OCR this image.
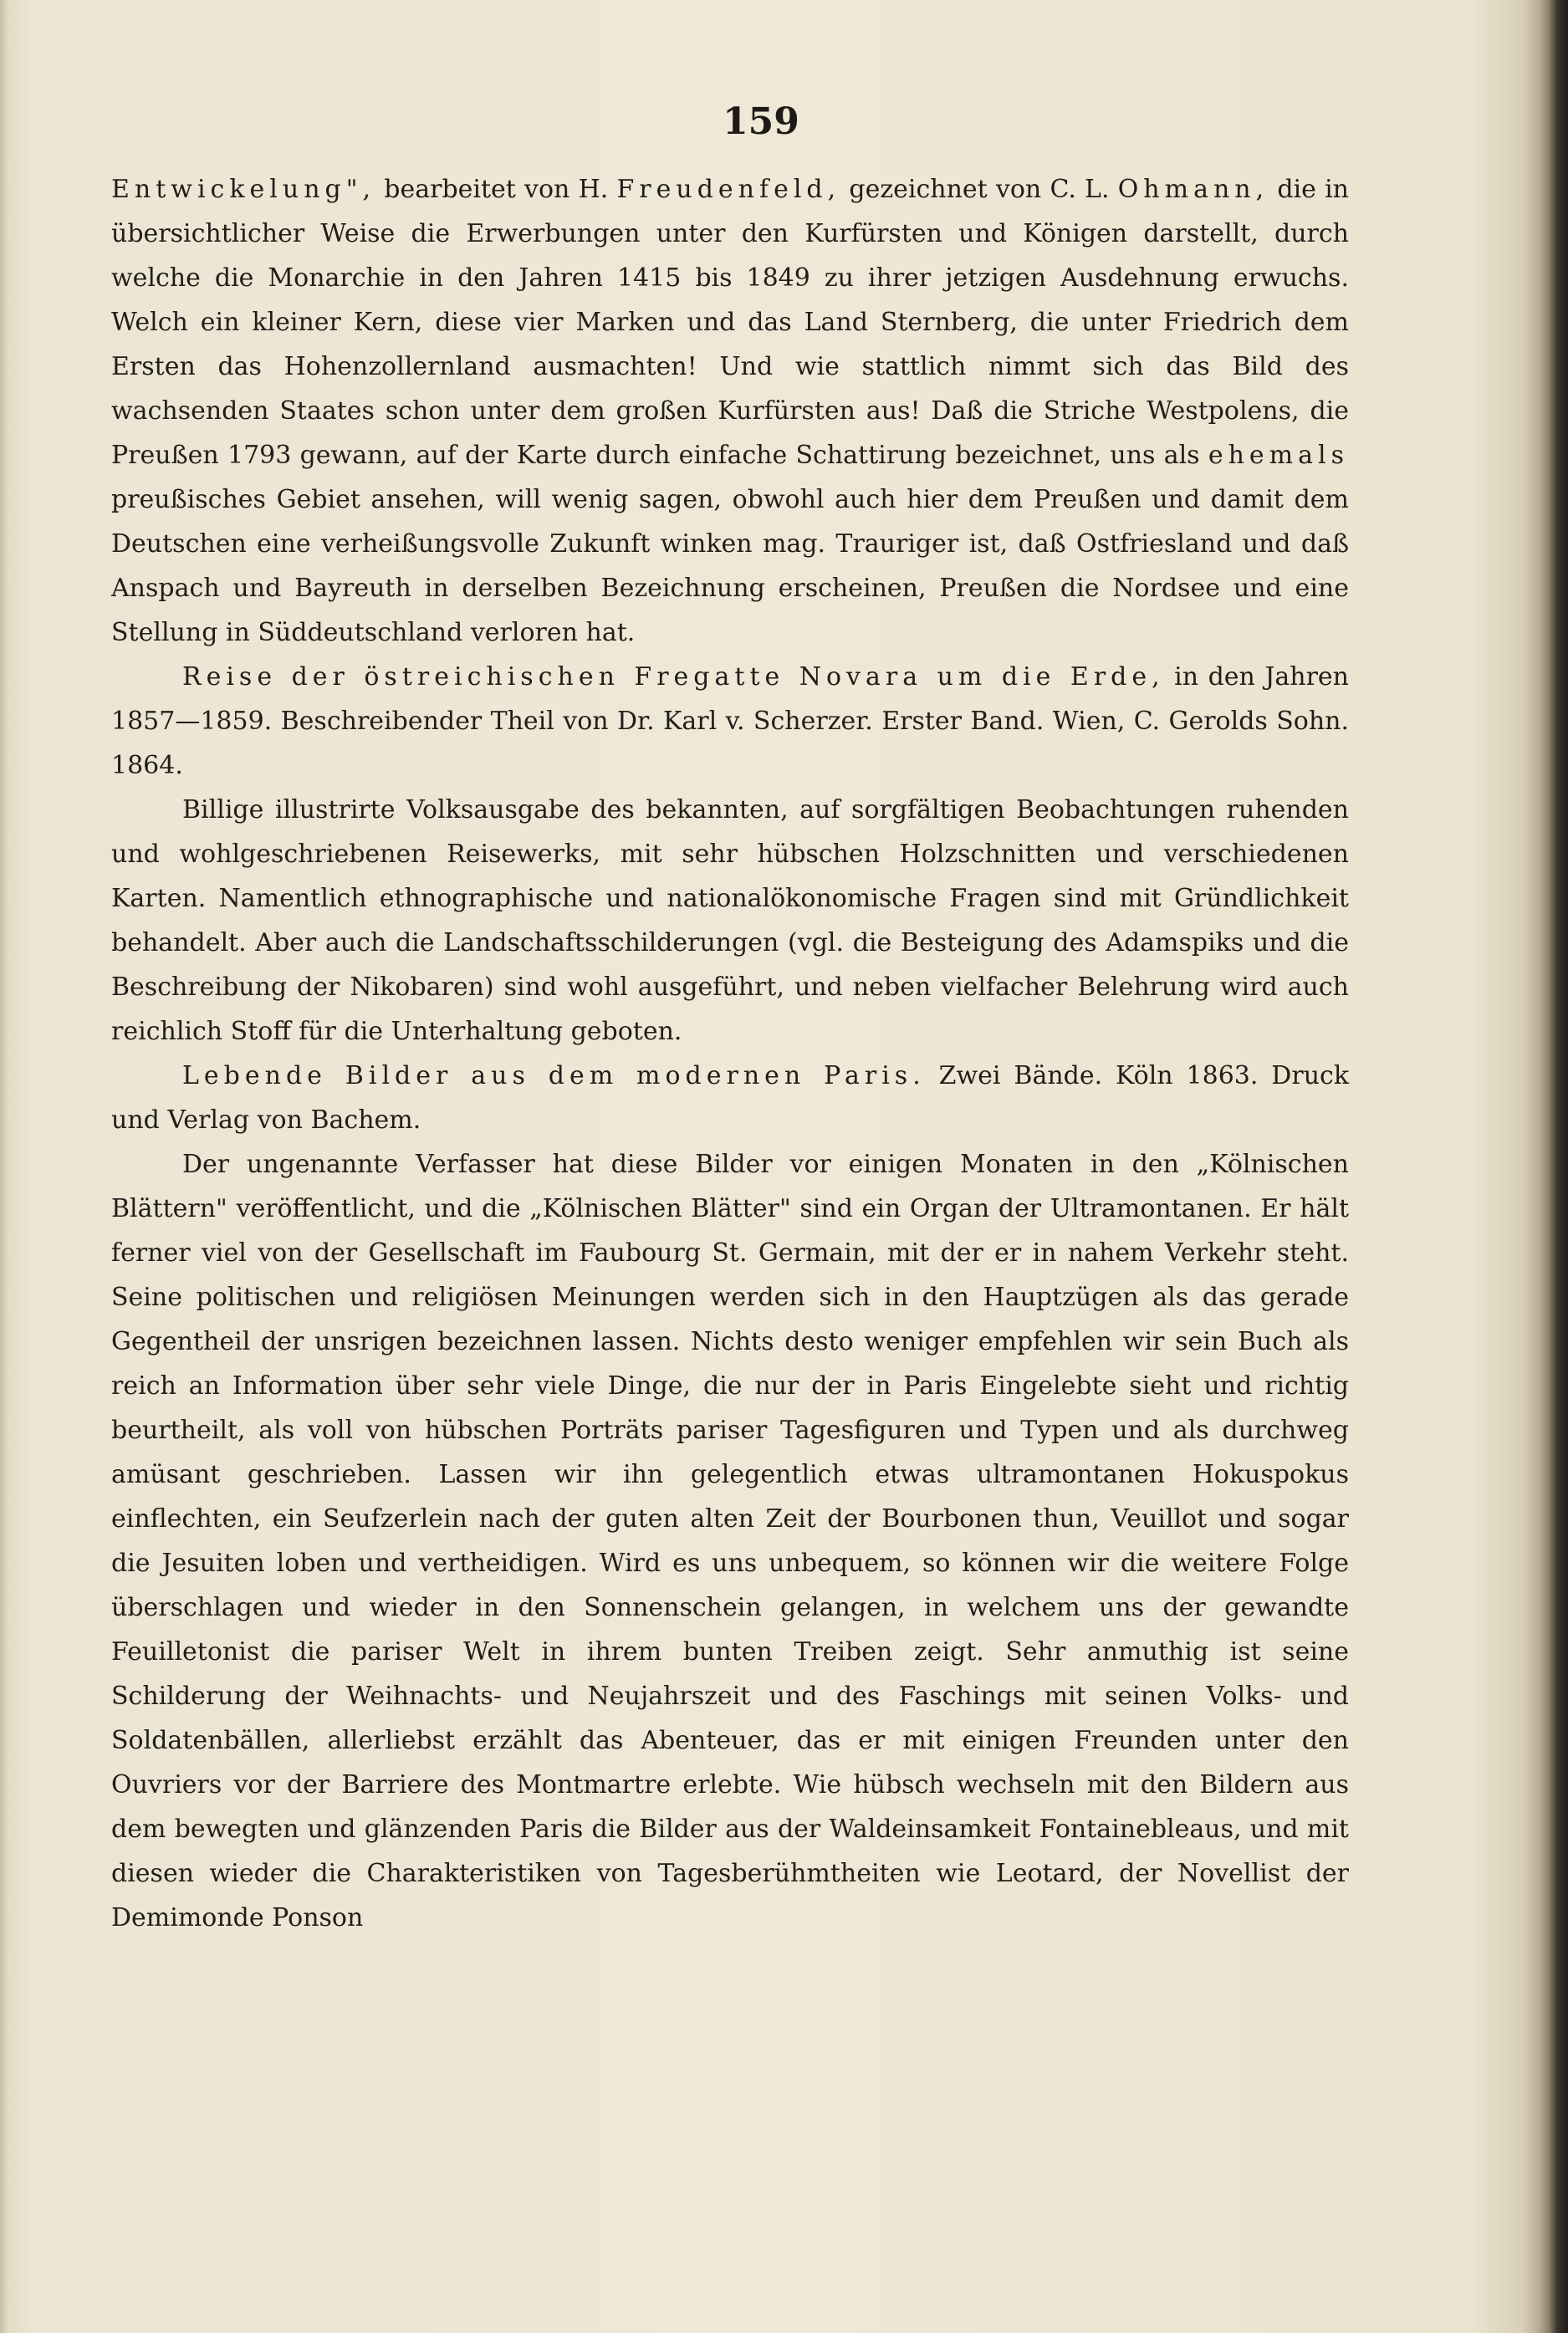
159

Entwickelung", bearbeitet von H. Freudenfeld, gezeichnet von C. L. Ohmann, die in übersichtlicher Weise die Erwerbungen unter den Kurfürsten und Königen darstellt, durch welche die Monarchie in den Jahren 1415 bis 1849 zu ihrer jetzigen Ausdehnung erwuchs. Welch ein kleiner Kern, diese vier Marken und das Land Sternberg, die unter Friedrich dem Ersten das Hohenzollernland ausmachten! Und wie stattlich nimmt sich das Bild des wachsenden Staates schon unter dem großen Kurfürsten aus! Daß die Striche Westpolens, die Preußen 1793 gewann, auf der Karte durch einfache Schattirung bezeichnet, uns als ehemals preußisches Gebiet ansehen, will wenig sagen, obwohl auch hier dem Preußen und damit dem Deutschen eine verheißungsvolle Zukunft winken mag. Trauriger ist, daß Ostfriesland und daß Anspach und Bayreuth in derselben Bezeichnung erscheinen, Preußen die Nordsee und eine Stellung in Süddeutschland verloren hat.

Reise der östreichischen Fregatte Novara um die Erde, in den Jahren 1857—1859. Beschreibender Theil von Dr. Karl v. Scherzer. Erster Band. Wien, C. Gerolds Sohn. 1864.

Billige illustrirte Volksausgabe des bekannten, auf sorgfältigen Beobachtungen ruhenden und wohlgeschriebenen Reisewerks, mit sehr hübschen Holzschnitten und verschiedenen Karten. Namentlich ethnographische und nationalökonomische Fragen sind mit Gründlichkeit behandelt. Aber auch die Landschaftsschilderungen (vgl. die Besteigung des Adamspiks und die Beschreibung der Nikobaren) sind wohl ausgeführt, und neben vielfacher Belehrung wird auch reichlich Stoff für die Unterhaltung geboten.

Lebende Bilder aus dem modernen Paris. Zwei Bände. Köln 1863. Druck und Verlag von Bachem.

Der ungenannte Verfasser hat diese Bilder vor einigen Monaten in den „Kölnischen Blättern" veröffentlicht, und die „Kölnischen Blätter" sind ein Organ der Ultramontanen. Er hält ferner viel von der Gesellschaft im Faubourg St. Germain, mit der er in nahem Verkehr steht. Seine politischen und religiösen Meinungen werden sich in den Hauptzügen als das gerade Gegentheil der unsrigen bezeichnen lassen. Nichts desto weniger empfehlen wir sein Buch als reich an Information über sehr viele Dinge, die nur der in Paris Eingelebte sieht und richtig beurtheilt, als voll von hübschen Porträts pariser Tagesfiguren und Typen und als durchweg amüsant geschrieben. Lassen wir ihn gelegentlich etwas ultramontanen Hokuspokus einflechten, ein Seufzerlein nach der guten alten Zeit der Bourbonen thun, Veuillot und sogar die Jesuiten loben und vertheidigen. Wird es uns unbequem, so können wir die weitere Folge überschlagen und wieder in den Sonnenschein gelangen, in welchem uns der gewandte Feuilletonist die pariser Welt in ihrem bunten Treiben zeigt. Sehr anmuthig ist seine Schilderung der Weihnachts- und Neujahrszeit und des Faschings mit seinen Volks- und Soldatenbällen, allerliebst erzählt das Abenteuer, das er mit einigen Freunden unter den Ouvriers vor der Barriere des Montmartre erlebte. Wie hübsch wechseln mit den Bildern aus dem bewegten und glänzenden Paris die Bilder aus der Waldeinsamkeit Fontainebleaus, und mit diesen wieder die Charakteristiken von Tagesberühmtheiten wie Leotard, der Novellist der Demimonde Ponson
